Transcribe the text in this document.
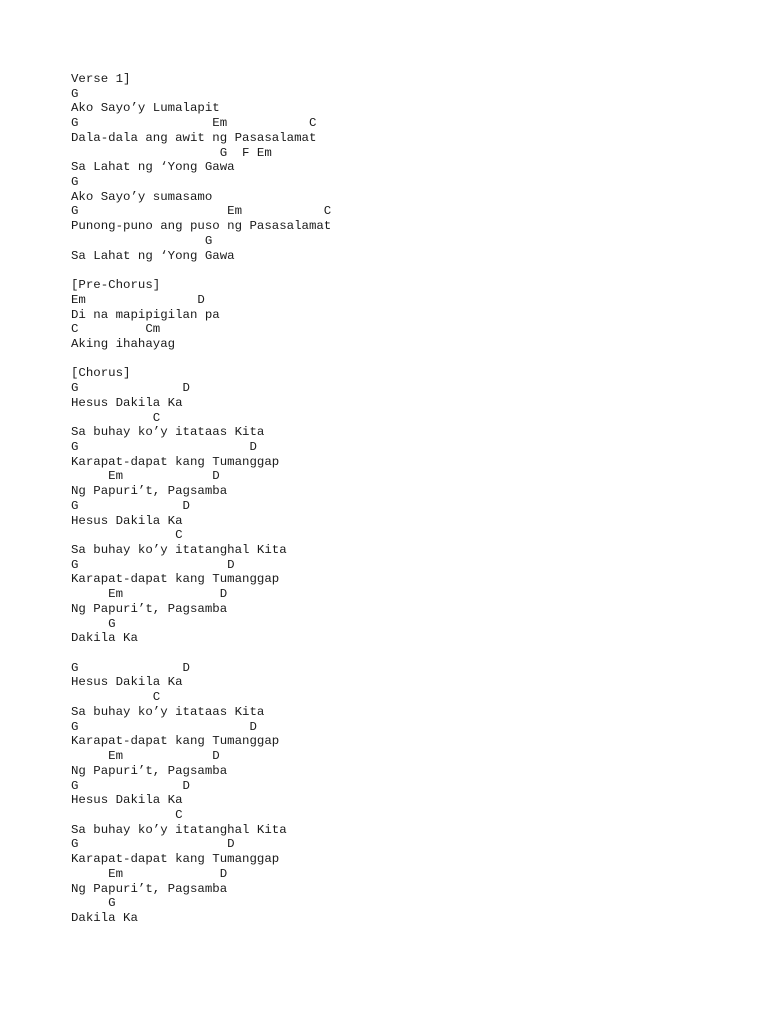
Verse 1]
G
Ako Sayo’y Lumalapit
G                  Em           C
Dala-dala ang awit ng Pasasalamat
G  F Em
Sa Lahat ng ‘Yong Gawa
G
Ako Sayo’y sumasamo
G                    Em           C
Punong-puno ang puso ng Pasasalamat
G
Sa Lahat ng ‘Yong Gawa
[Pre-Chorus]
Em               D
Di na mapipigilan pa
C         Cm
Aking ihahayag
[Chorus]
G              D
Hesus Dakila Ka
C
Sa buhay ko’y itataas Kita
G                       D
Karapat-dapat kang Tumanggap
Em            D
Ng Papuri’t, Pagsamba
G              D
Hesus Dakila Ka
C
Sa buhay ko’y itatanghal Kita
G                    D
Karapat-dapat kang Tumanggap
Em             D
Ng Papuri’t, Pagsamba
G
Dakila Ka
G              D
Hesus Dakila Ka
C
Sa buhay ko’y itataas Kita
G                       D
Karapat-dapat kang Tumanggap
Em            D
Ng Papuri’t, Pagsamba
G              D
Hesus Dakila Ka
C
Sa buhay ko’y itatanghal Kita
G                    D
Karapat-dapat kang Tumanggap
Em             D
Ng Papuri’t, Pagsamba
G
Dakila Ka
